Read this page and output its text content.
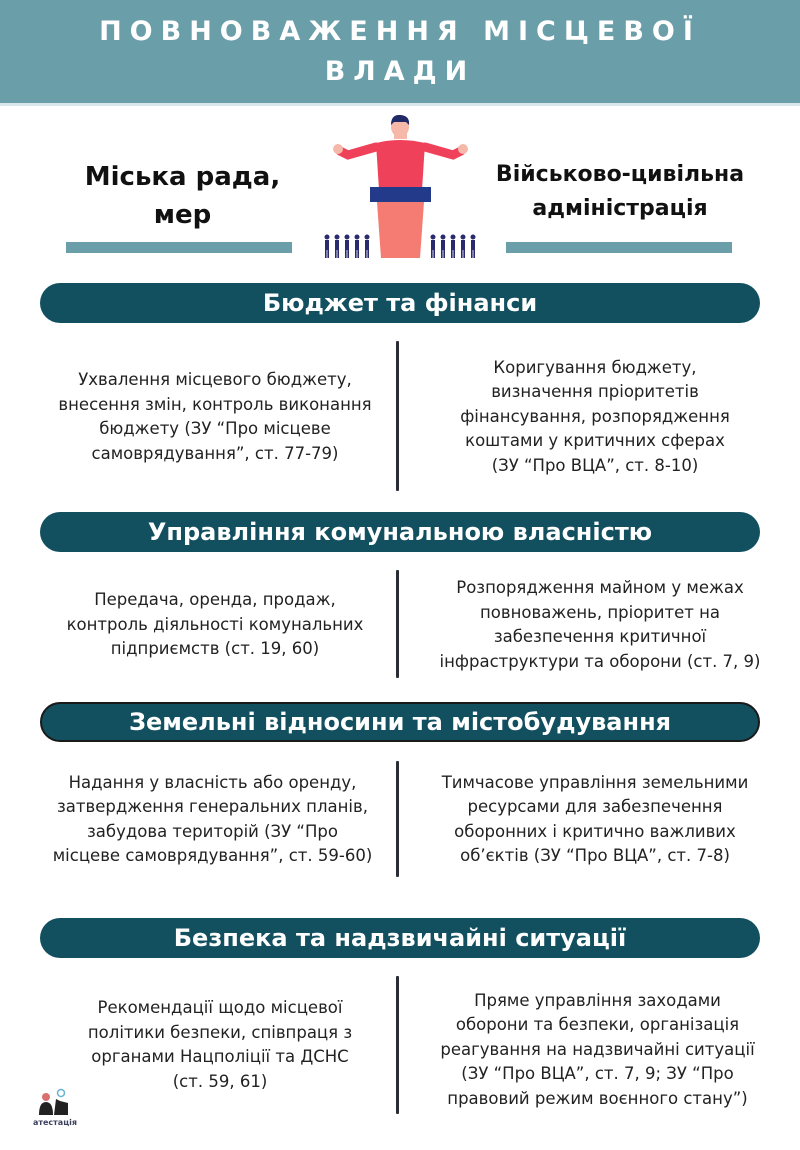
ПОВНОВАЖЕННЯ МІСЦЕВОЇ
ВЛАДИ
Міська рада,
мер
Військово-цивільна
адміністрація
Бюджет та фінанси
Ухвалення місцевого бюджету,
внесення змін, контроль виконання
бюджету (ЗУ “Про місцеве
самоврядування”, ст. 77-79)
Коригування бюджету,
визначення пріоритетів
фінансування, розпорядження
коштами у критичних сферах
(ЗУ “Про ВЦА”, ст. 8-10)
Управління комунальною власністю
Передача, оренда, продаж,
контроль діяльності комунальних
підприємств (ст. 19, 60)
Розпорядження майном у межах
повноважень, пріоритет на
забезпечення критичної
інфраструктури та оборони (ст. 7, 9)
Земельні відносини та містобудування
Надання у власність або оренду,
затвердження генеральних планів,
забудова територій (ЗУ “Про
місцеве самоврядування”, ст. 59-60)
Тимчасове управління земельними
ресурсами для забезпечення
оборонних і критично важливих
об’єктів (ЗУ “Про ВЦА”, ст. 7-8)
Безпека та надзвичайні ситуації
Рекомендації щодо місцевої
політики безпеки, співпраця з
органами Нацполіції та ДСНС
(ст. 59, 61)
Пряме управління заходами
оборони та безпеки, організація
реагування на надзвичайні ситуації
(ЗУ “Про ВЦА”, ст. 7, 9; ЗУ “Про
правовий режим воєнного стану”)
атестація
